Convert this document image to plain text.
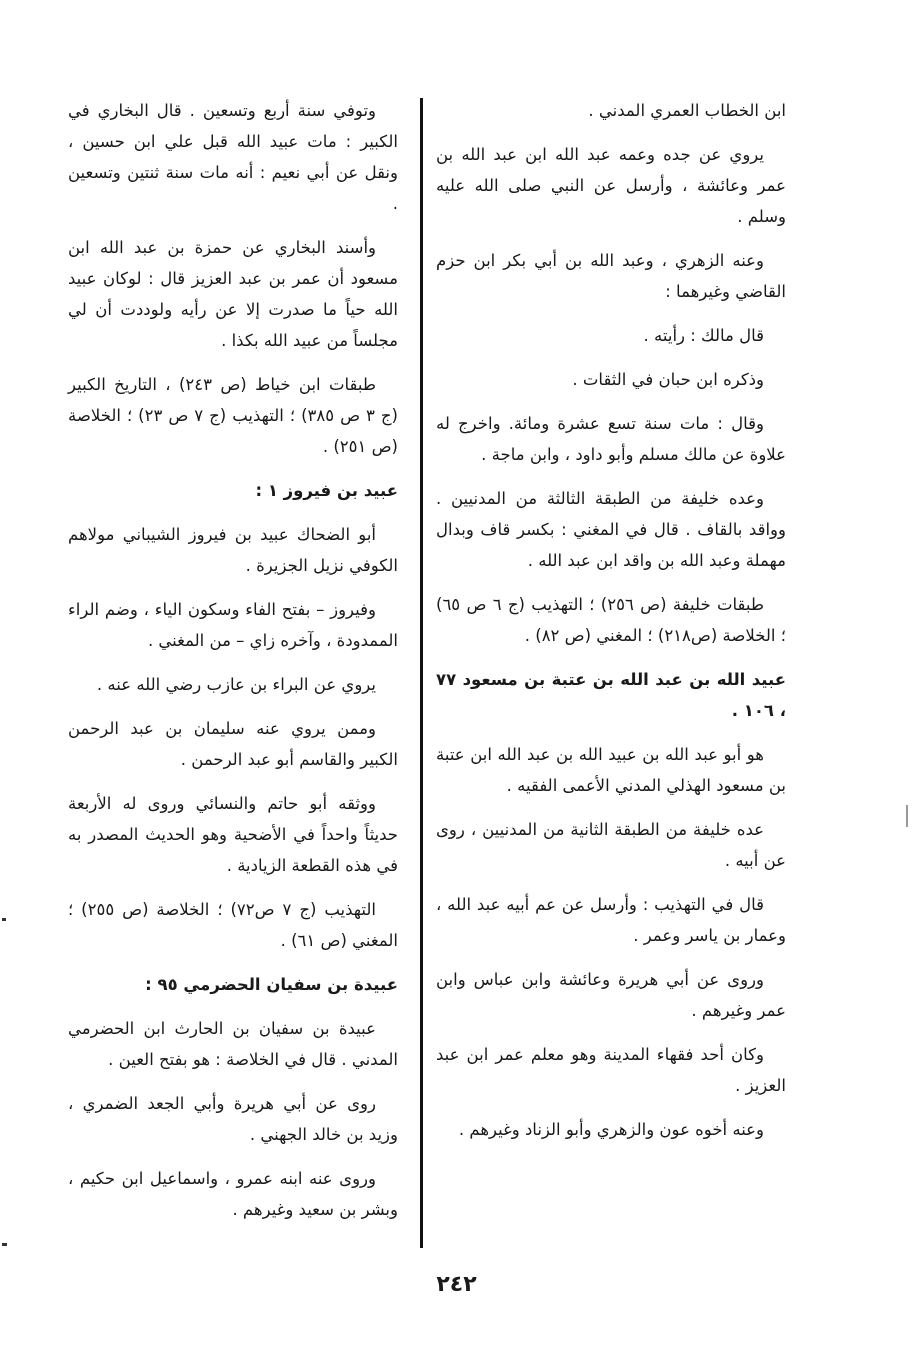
ابن الخطاب العمري المدني .

يروي عن جده وعمه عبد الله ابن عبد الله بن عمر وعائشة ، وأرسل عن النبي صلى الله عليه وسلم .

وعنه الزهري ، وعبد الله بن أبي بكر ابن حزم القاضي وغيرهما :

قال مالك : رأيته .

وذكره ابن حبان في الثقات .

وقال : مات سنة تسع عشرة ومائة. واخرج له علاوة عن مالك مسلم وأبو داود ، وابن ماجة .

وعده خليفة من الطبقة الثالثة من المدنيين . وواقد بالقاف . قال في المغني : بكسر قاف وبدال مهملة وعبد الله بن واقد ابن عبد الله .

طبقات خليفة (ص ٢٥٦) ؛ التهذيب (ج ٦ ص ٦٥) ؛ الخلاصة (ص٢١٨) ؛ المغني (ص ٨٢) .

عبيد الله بن عبد الله بن عتبة بن مسعود ٧٧ ، ١٠٦ .

هو أبو عبد الله بن عبيد الله بن عبد الله ابن عتبة بن مسعود الهذلي المدني الأعمى الفقيه .

عده خليفة من الطبقة الثانية من المدنيين ، روى عن أبيه .

قال في التهذيب : وأرسل عن عم أبيه عبد الله ، وعمار بن ياسر وعمر .

وروى عن أبي هريرة وعائشة وابن عباس وابن عمر وغيرهم .

وكان أحد فقهاء المدينة وهو معلم عمر ابن عبد العزيز .

وعنه أخوه عون والزهري وأبو الزناد وغيرهم .

وتوفي سنة أربع وتسعين . قال البخاري في الكبير : مات عبيد الله قبل علي ابن حسين ، ونقل عن أبي نعيم : أنه مات سنة ثنتين وتسعين .

وأسند البخاري عن حمزة بن عبد الله ابن مسعود أن عمر بن عبد العزيز قال : لوكان عبيد الله حياً ما صدرت إلا عن رأيه ولوددت أن لي مجلساً من عبيد الله بكذا .

طبقات ابن خياط (ص ٢٤٣) ، التاريخ الكبير (ج ٣ ص ٣٨٥) ؛ التهذيب (ج ٧ ص ٢٣) ؛ الخلاصة (ص ٢٥١) .

عبيد بن فيروز ١ :

أبو الضحاك عبيد بن فيروز الشيباني مولاهم الكوفي نزيل الجزيرة .

وفيروز – بفتح الفاء وسكون الياء ، وضم الراء الممدودة ، وآخره زاي – من المغني .

يروي عن البراء بن عازب رضي الله عنه .

وممن يروي عنه سليمان بن عبد الرحمن الكبير والقاسم أبو عبد الرحمن .

ووثقه أبو حاتم والنسائي وروى له الأربعة حديثاً واحداً في الأضحية وهو الحديث المصدر به في هذه القطعة الزيادية .

التهذيب (ج ٧ ص٧٢) ؛ الخلاصة (ص ٢٥٥) ؛ المغني (ص ٦١) .

عبيدة بن سفيان الحضرمي ٩٥ :

عبيدة بن سفيان بن الحارث ابن الحضرمي المدني . قال في الخلاصة : هو بفتح العين .

روى عن أبي هريرة وأبي الجعد الضمري ، وزيد بن خالد الجهني .

وروى عنه ابنه عمرو ، واسماعيل ابن حكيم ، وبشر بن سعيد وغيرهم .

٢٤٢
